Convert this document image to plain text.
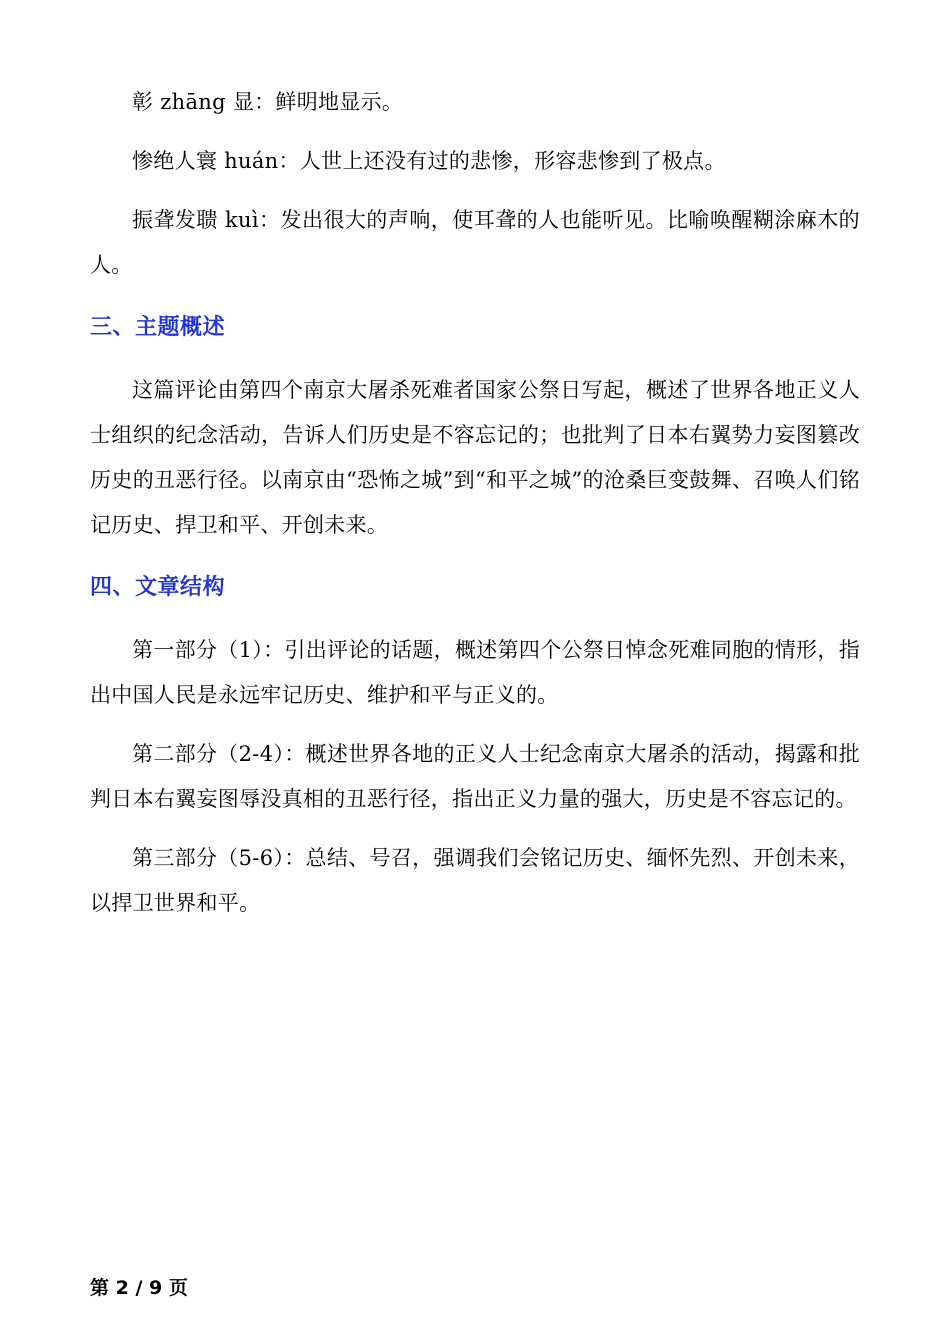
彰 zhāng 显：鲜明地显示。

惨绝人寰 huán：人世上还没有过的悲惨，形容悲惨到了极点。

振聋发聩 kuì：发出很大的声响，使耳聋的人也能听见。比喻唤醒糊涂麻木的人。

三、主题概述

这篇评论由第四个南京大屠杀死难者国家公祭日写起，概述了世界各地正义人士组织的纪念活动，告诉人们历史是不容忘记的；也批判了日本右翼势力妄图篡改历史的丑恶行径。以南京由“恐怖之城”到“和平之城”的沧桑巨变鼓舞、召唤人们铭记历史、捍卫和平、开创未来。

四、文章结构

第一部分（1）：引出评论的话题，概述第四个公祭日悼念死难同胞的情形，指出中国人民是永远牢记历史、维护和平与正义的。

第二部分（2-4）：概述世界各地的正义人士纪念南京大屠杀的活动，揭露和批判日本右翼妄图辱没真相的丑恶行径，指出正义力量的强大，历史是不容忘记的。

第三部分（5-6）：总结、号召，强调我们会铭记历史、缅怀先烈、开创未来，以捍卫世界和平。

第 2 / 9 页
